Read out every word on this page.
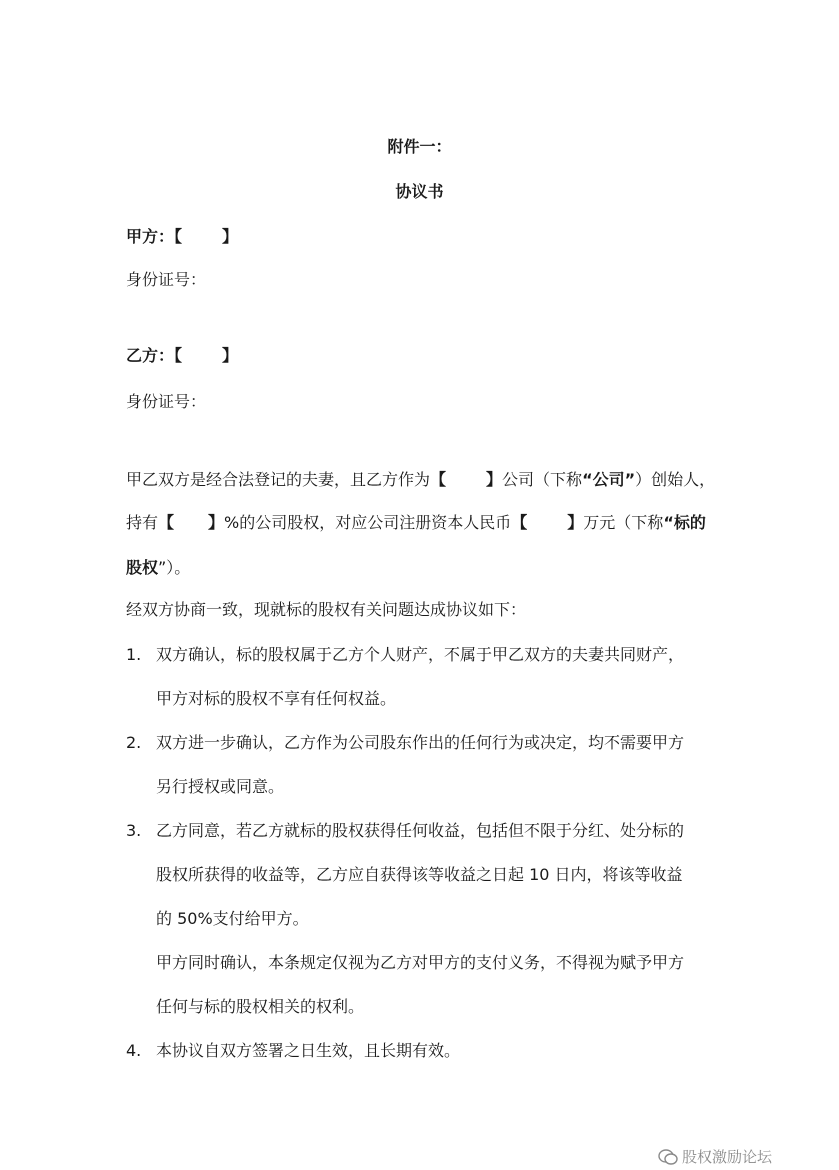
附件一：
协议书
甲方：【	】
身份证号：
乙方：【	】
身份证号：
甲乙双方是经合法登记的夫妻，且乙方作为【	】公司（下称“公司”）创始人，
持有【 】%的公司股权，对应公司注册资本人民币【	】万元（下称“标的
股权”）。
经双方协商一致，现就标的股权有关问题达成协议如下：
1. 双方确认，标的股权属于乙方个人财产，不属于甲乙双方的夫妻共同财产，
甲方对标的股权不享有任何权益。
2. 双方进一步确认，乙方作为公司股东作出的任何行为或决定，均不需要甲方
另行授权或同意。
3. 乙方同意，若乙方就标的股权获得任何收益，包括但不限于分红、处分标的
股权所获得的收益等，乙方应自获得该等收益之日起 10 日内，将该等收益
的 50%支付给甲方。
甲方同时确认，本条规定仅视为乙方对甲方的支付义务，不得视为赋予甲方
任何与标的股权相关的权利。
4. 本协议自双方签署之日生效，且长期有效。
股权激励论坛
